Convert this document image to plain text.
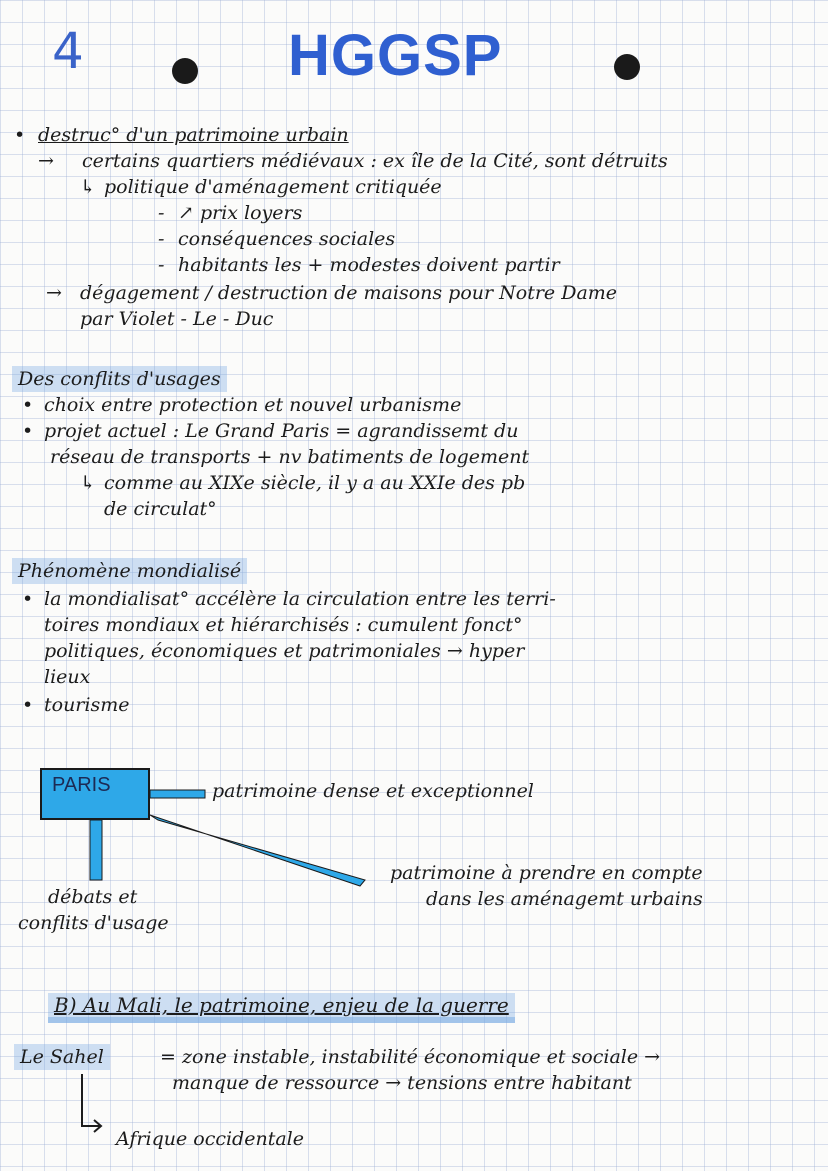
4	HGGSP
• destruc° d'un patrimoine urbain
→ certains quartiers médiévaux : ex île de la Cité, sont détruits
↳ politique d'aménagement critiquée
- ↗ prix loyers
- conséquences sociales
- habitants les + modestes doivent partir
→ dégagement / destruction de maisons pour Notre Dame
par Violet - Le - Duc
Des conflits d'usages
• choix entre protection et nouvel urbanisme
• projet actuel : Le Grand Paris = agrandissemt du
réseau de transports + nv batiments de logement
↳ comme au XIXe siècle, il y a au XXIe des pb
de circulat°
Phénomène mondialisé
• la mondialisat° accélère la circulation entre les terri-
toires mondiaux et hiérarchisés : cumulent fonct°
politiques, économiques et patrimoniales → hyper
lieux
• tourisme
PARIS	patrimoine dense et exceptionnel
patrimoine à prendre en compte
dans les aménagemt urbains
débats et
conflits d'usage
B) Au Mali, le patrimoine, enjeu de la guerre
Le Sahel	= zone instable, instabilité économique et sociale →
manque de ressource → tensions entre habitant
Afrique occidentale
